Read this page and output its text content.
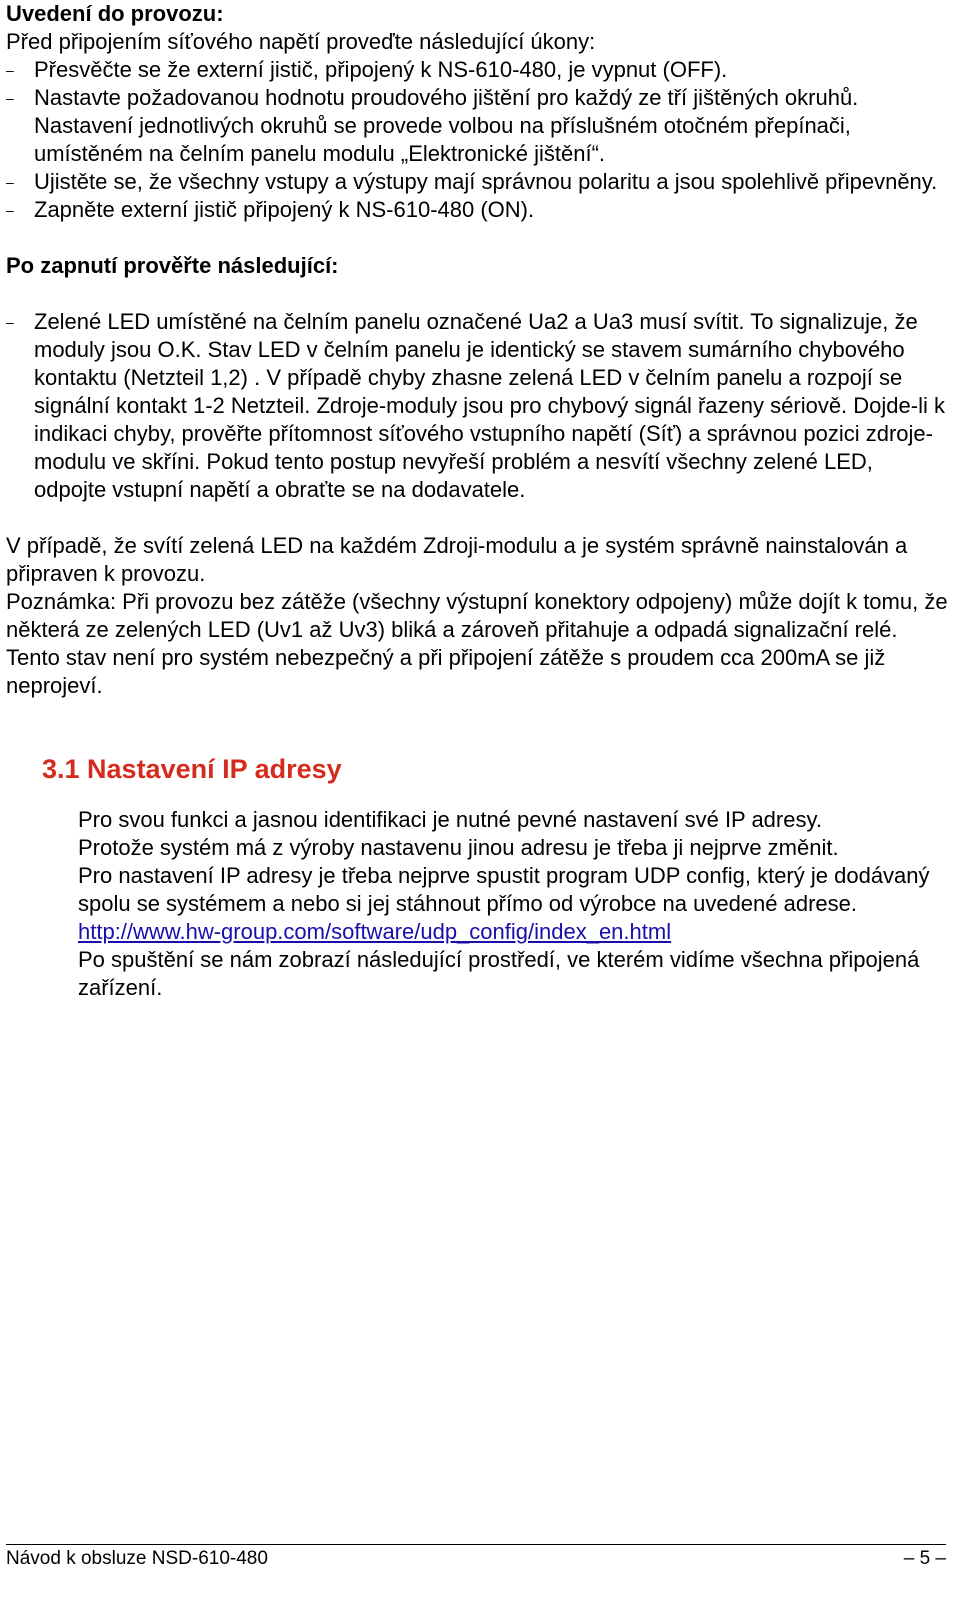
Uvedení do provozu:

Před připojením síťového napětí proveďte následující úkony:

– Přesvěčte se že externí jistič, připojený k NS-610-480, je vypnut (OFF).
– Nastavte požadovanou hodnotu proudového jištění pro každý ze tří jištěných okruhů. Nastavení jednotlivých okruhů se provede volbou na příslušném otočném přepínači, umístěném na čelním panelu modulu „Elektronické jištění“.
– Ujistěte se, že všechny vstupy a výstupy mají správnou polaritu a jsou spolehlivě připevněny.
– Zapněte externí jistič připojený k NS-610-480 (ON).

Po zapnutí prověřte následující:

– Zelené LED umístěné na čelním panelu označené Ua2 a Ua3 musí svítit. To signalizuje, že moduly jsou O.K. Stav LED v čelním panelu je identický se stavem sumárního chybového kontaktu (Netzteil 1,2) . V případě chyby zhasne zelená LED v čelním panelu a rozpojí se signální kontakt 1-2 Netzteil. Zdroje-moduly jsou pro chybový signál řazeny sériově. Dojde-li k indikaci chyby, prověřte přítomnost síťového vstupního napětí (Síť) a správnou pozici zdroje-modulu ve skříni. Pokud tento postup nevyřeší problém a nesvítí všechny zelené LED, odpojte vstupní napětí a obraťte se na dodavatele.

V případě, že svítí zelená LED na každém Zdroji-modulu a je systém správně nainstalován a připraven k provozu.

Poznámka: Při provozu bez zátěže (všechny výstupní konektory odpojeny) může dojít k tomu, že některá ze zelených LED (Uv1 až Uv3) bliká a zároveň přitahuje a odpadá signalizační relé. Tento stav není pro systém nebezpečný a při připojení zátěže s proudem cca 200mA se již neprojeví.

3.1 Nastavení IP adresy

Pro svou funkci a jasnou identifikaci je nutné pevné nastavení své IP adresy.

Protože systém má z výroby nastavenu jinou adresu je třeba ji nejprve změnit.

Pro nastavení IP adresy je třeba nejprve spustit program UDP config, který je dodávaný spolu se systémem a nebo si jej stáhnout přímo od výrobce na uvedené adrese.

http://www.hw-group.com/software/udp_config/index_en.html

Po spuštění se nám zobrazí následující prostředí, ve kterém vidíme všechna připojená zařízení.

Návod k obsluze NSD-610-480	– 5 –
